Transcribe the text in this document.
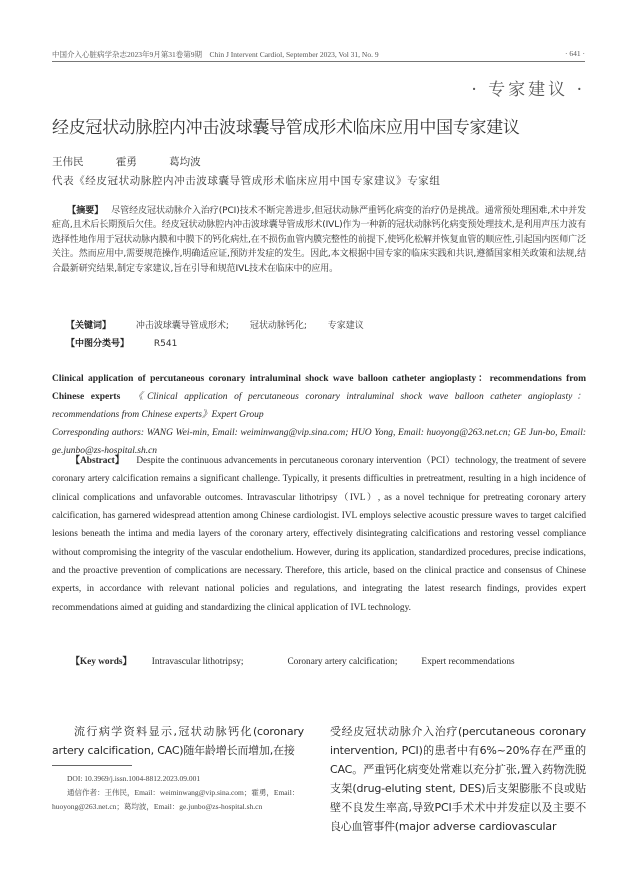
中国介入心脏病学杂志2023年9月第31卷第9期　Chin J Intervent Cardiol, September 2023, Vol 31, No. 9	· 641 ·
· 专家建议 ·
经皮冠状动脉腔内冲击波球囊导管成形术临床应用中国专家建议
王伟民	霍勇	葛均波
代表《经皮冠状动脉腔内冲击波球囊导管成形术临床应用中国专家建议》专家组

【摘要】 尽管经皮冠状动脉介入治疗(PCI)技术不断完善进步,但冠状动脉严重钙化病变的治疗仍是挑战。通常预处理困难,术中并发症高,且术后长期预后欠佳。经皮冠状动脉腔内冲击波球囊导管成形术(IVL)作为一种新的冠状动脉钙化病变预处理技术,是利用声压力波有选择性地作用于冠状动脉内膜和中膜下的钙化病灶,在不损伤血管内膜完整性的前提下,使钙化松解并恢复血管的顺应性,引起国内医师广泛关注。然而应用中,需要规范操作,明确适应证,预防并发症的发生。因此,本文根据中国专家的临床实践和共识,遵循国家相关政策和法规,结合最新研究结果,制定专家建议,旨在引导和规范IVL技术在临床中的应用。

【关键词】	冲击波球囊导管成形术; 冠状动脉钙化; 专家建议
【中图分类号】	R541

Clinical application of percutaneous coronary intraluminal shock wave balloon catheter angioplasty：recommendations from Chinese experts 《Clinical application of percutaneous coronary intraluminal shock wave balloon catheter angioplasty：recommendations from Chinese experts》Expert Group
Corresponding authors: WANG Wei-min, Email: weiminwang@vip.sina.com; HUO Yong, Email: huoyong@263.net.cn; GE Jun-bo, Email: ge.junbo@zs-hospital.sh.cn

【Abstract】 Despite the continuous advancements in percutaneous coronary intervention（PCI）technology, the treatment of severe coronary artery calcification remains a significant challenge. Typically, it presents difficulties in pretreatment, resulting in a high incidence of clinical complications and unfavorable outcomes. Intravascular lithotripsy（IVL）, as a novel technique for pretreating coronary artery calcification, has garnered widespread attention among Chinese cardiologist. IVL employs selective acoustic pressure waves to target calcified lesions beneath the intima and media layers of the coronary artery, effectively disintegrating calcifications and restoring vessel compliance without compromising the integrity of the vascular endothelium. However, during its application, standardized procedures, precise indications, and the proactive prevention of complications are necessary. Therefore, this article, based on the clinical practice and consensus of Chinese experts, in accordance with relevant national policies and regulations, and integrating the latest research findings, provides expert recommendations aimed at guiding and standardizing the clinical application of IVL technology.

【Key words】 Intravascular lithotripsy;	Coronary artery calcification;	Expert recommendations

流行病学资料显示,冠状动脉钙化(coronary artery calcification, CAC)随年龄增长而增加,在接

受经皮冠状动脉介入治疗(percutaneous coronary intervention, PCI)的患者中有6%~20%存在严重的CAC。严重钙化病变处常难以充分扩张,置入药物洗脱支架(drug-eluting stent, DES)后支架膨胀不良或贴壁不良发生率高,导致PCI手术术中并发症以及主要不良心血管事件(major adverse cardiovascular

DOI: 10.3969/j.issn.1004-8812.2023.09.001
通信作者：王伟民，Email：weiminwang@vip.sina.com；霍勇，Email：huoyong@263.net.cn；葛均波，Email：ge.junbo@zs-hospital.sh.cn
